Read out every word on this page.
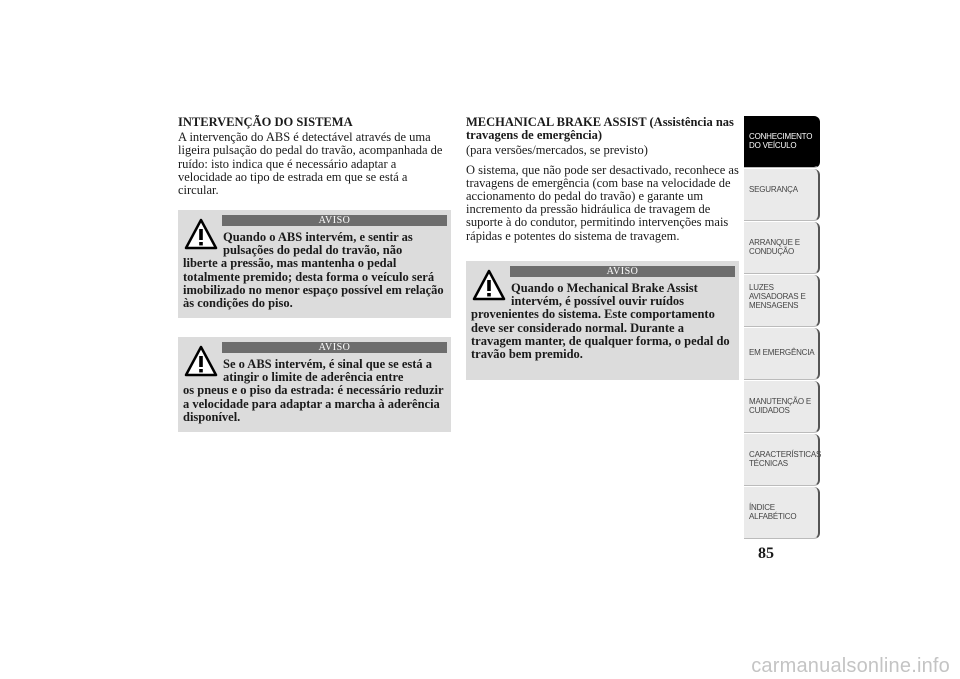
INTERVENÇÃO DO SISTEMA

A intervenção do ABS é detectável através de uma ligeira pulsação do pedal do travão, acompanhada de ruído: isto indica que é necessário adaptar a velocidade ao tipo de estrada em que se está a circular.

AVISO
Quando o ABS intervém, e sentir as pulsações do pedal do travão, não
liberte a pressão, mas mantenha o pedal totalmente premido; desta forma o veículo será imobilizado no menor espaço possível em relação às condições do piso.
AVISO
Se o ABS intervém, é sinal que se está a atingir o limite de aderência entre
os pneus e o piso da estrada: é necessário reduzir a velocidade para adaptar a marcha à aderência disponível.

MECHANICAL BRAKE ASSIST (Assistência nas travagens de emergência)

(para versões/mercados, se previsto)

O sistema, que não pode ser desactivado, reconhece as travagens de emergência (com base na velocidade de accionamento do pedal do travão) e garante um incremento da pressão hidráulica de travagem de suporte à do condutor, permitindo intervenções mais rápidas e potentes do sistema de travagem.

AVISO
Quando o Mechanical Brake Assist intervém, é possível ouvir ruídos
provenientes do sistema. Este comportamento deve ser considerado normal. Durante a travagem manter, de qualquer forma, o pedal do travão bem premido.
CONHECIMENTO DO VEÍCULO
SEGURANÇA
ARRANQUE E CONDUÇÃO
LUZES AVISADORAS E MENSAGENS
EM EMERGÊNCIA
MANUTENÇÃO E CUIDADOS
CARACTERÍSTICAS TÉCNICAS
ÍNDICE ALFABÉTICO
85
carmanualsonline.info
